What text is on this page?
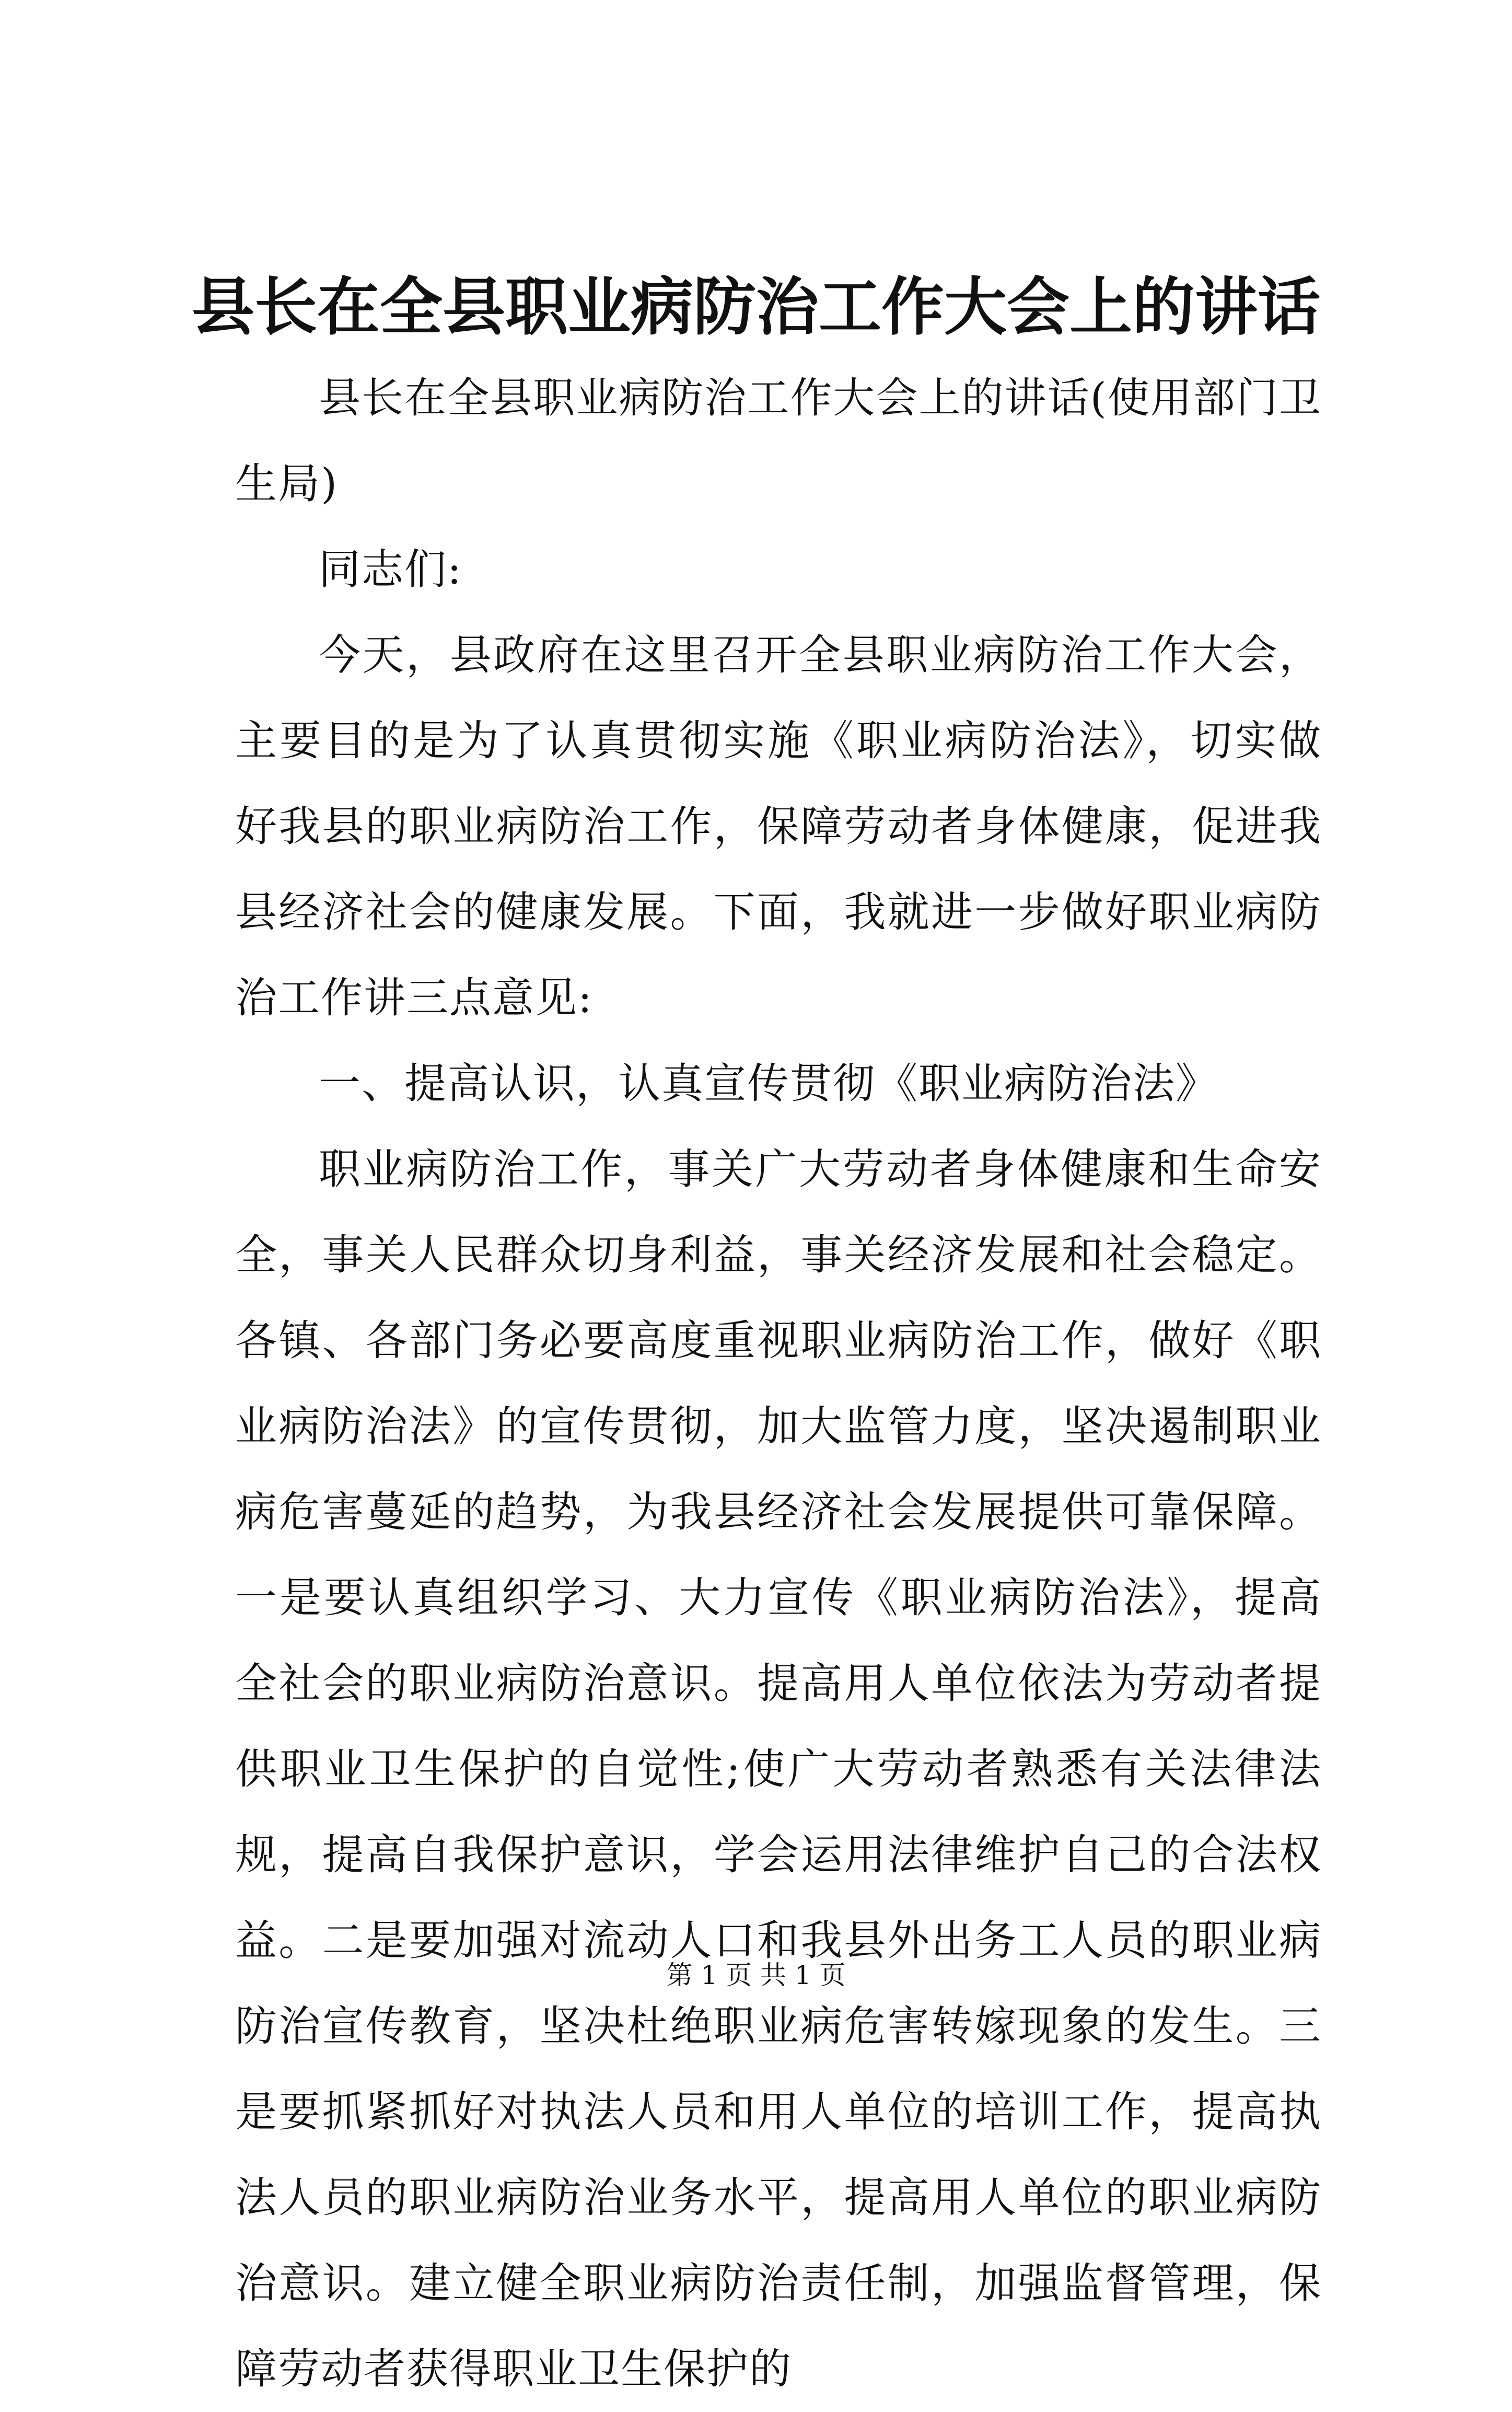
县长在全县职业病防治工作大会上的讲话

县长在全县职业病防治工作大会上的讲话(使用部门卫生局)

同志们:

今天，县政府在这里召开全县职业病防治工作大会，主要目的是为了认真贯彻实施《职业病防治法》，切实做好我县的职业病防治工作，保障劳动者身体健康，促进我县经济社会的健康发展。下面，我就进一步做好职业病防治工作讲三点意见:

一、提高认识，认真宣传贯彻《职业病防治法》

职业病防治工作，事关广大劳动者身体健康和生命安全，事关人民群众切身利益，事关经济发展和社会稳定。各镇、各部门务必要高度重视职业病防治工作，做好《职业病防治法》的宣传贯彻，加大监管力度，坚决遏制职业病危害蔓延的趋势，为我县经济社会发展提供可靠保障。一是要认真组织学习、大力宣传《职业病防治法》，提高全社会的职业病防治意识。提高用人单位依法为劳动者提供职业卫生保护的自觉性;使广大劳动者熟悉有关法律法规，提高自我保护意识，学会运用法律维护自己的合法权益。二是要加强对流动人口和我县外出务工人员的职业病防治宣传教育，坚决杜绝职业病危害转嫁现象的发生。三是要抓紧抓好对执法人员和用人单位的培训工作，提高执法人员的职业病防治业务水平，提高用人单位的职业病防治意识。建立健全职业病防治责任制，加强监督管理，保障劳动者获得职业卫生保护的

第 1 页 共 1 页
